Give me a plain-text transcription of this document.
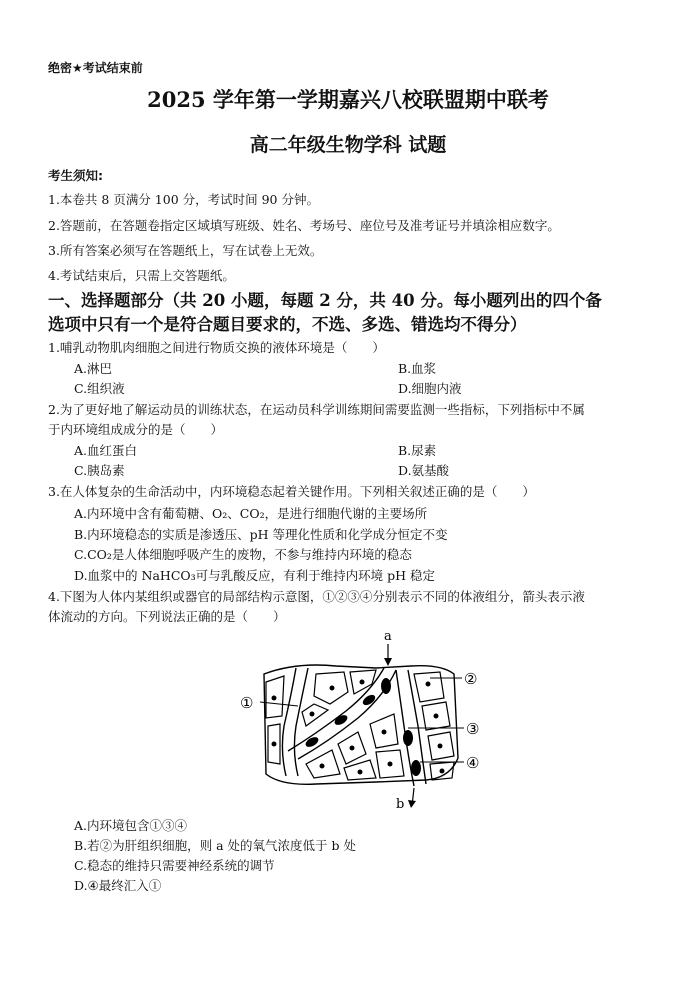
绝密★考试结束前
2025 学年第一学期嘉兴八校联盟期中联考
高二年级生物学科 试题
考生须知:
1.本卷共 8 页满分 100 分，考试时间 90 分钟。
2.答题前，在答题卷指定区域填写班级、姓名、考场号、座位号及准考证号并填涂相应数字。
3.所有答案必须写在答题纸上，写在试卷上无效。
4.考试结束后，只需上交答题纸。
一、选择题部分（共 20 小题，每题 2 分，共 40 分。每小题列出的四个备
选项中只有一个是符合题目要求的，不选、多选、错选均不得分）
1.哺乳动物肌肉细胞之间进行物质交换的液体环境是（　　）
A.淋巴	B.血浆
C.组织液	D.细胞内液
2.为了更好地了解运动员的训练状态，在运动员科学训练期间需要监测一些指标，下列指标中不属
于内环境组成成分的是（　　）
A.血红蛋白	B.尿素
C.胰岛素	D.氨基酸
3.在人体复杂的生命活动中，内环境稳态起着关键作用。下列相关叙述正确的是（　　）
A.内环境中含有葡萄糖、O₂、CO₂，是进行细胞代谢的主要场所
B.内环境稳态的实质是渗透压、pH 等理化性质和化学成分恒定不变
C.CO₂是人体细胞呼吸产生的废物，不参与维持内环境的稳态
D.血浆中的 NaHCO₃可与乳酸反应，有利于维持内环境 pH 稳定
4.下图为人体内某组织或器官的局部结构示意图，①②③④分别表示不同的体液组分，箭头表示液
体流动的方向。下列说法正确的是（　　）
a
b
①
②
③
④
A.内环境包含①③④
B.若②为肝组织细胞，则 a 处的氧气浓度低于 b 处
C.稳态的维持只需要神经系统的调节
D.④最终汇入①
